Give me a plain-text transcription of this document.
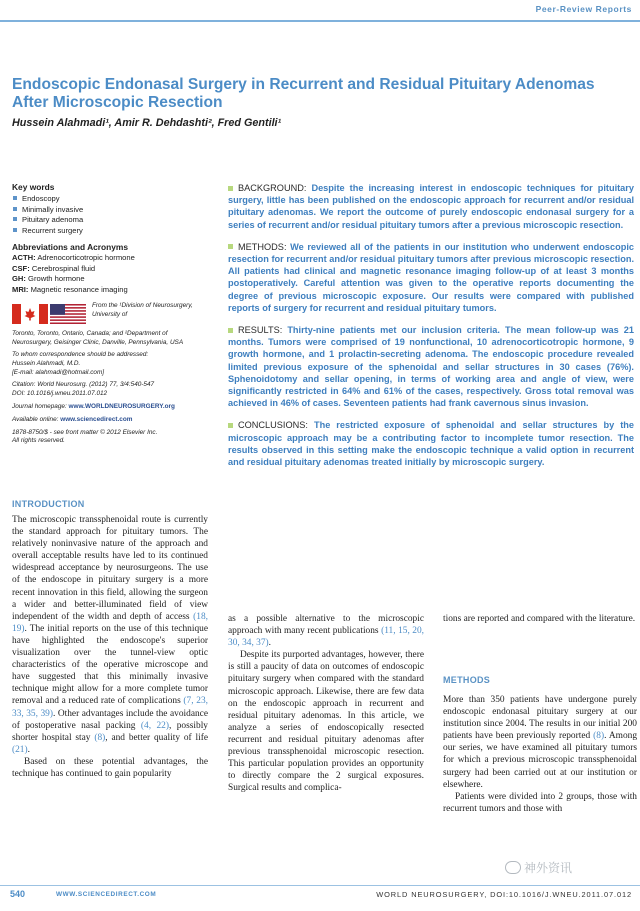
Peer-Review Reports
Endoscopic Endonasal Surgery in Recurrent and Residual Pituitary Adenomas After Microscopic Resection
Hussein Alahmadi¹, Amir R. Dehdashti², Fred Gentili¹
Key words
Endoscopy
Minimally invasive
Pituitary adenoma
Recurrent surgery
Abbreviations and Acronyms
ACTH: Adrenocorticotropic hormone
CSF: Cerebrospinal fluid
GH: Growth hormone
MRI: Magnetic resonance imaging
From the ¹Division of Neurosurgery, University of
Toronto, Toronto, Ontario, Canada; and ²Department of Neurosurgery, Geisinger Clinic, Danville, Pennsylvania, USA
To whom correspondence should be addressed:
Hussein Alahmadi, M.D.
[E-mail: alahmadi@hotmail.com]
Citation: World Neurosurg. (2012) 77, 3/4:540-547
DOI: 10.1016/j.wneu.2011.07.012
Journal homepage: www.WORLDNEUROSURGERY.org
Available online: www.sciencedirect.com
1878-8750/$ - see front matter © 2012 Elsevier Inc.
All rights reserved.

BACKGROUND: Despite the increasing interest in endoscopic techniques for pituitary surgery, little has been published on the endoscopic approach for recurrent and/or residual pituitary adenomas. We report the outcome of purely endoscopic endonasal surgery for a series of recurrent and/or residual pituitary tumors after a previous microscopic resection.

METHODS: We reviewed all of the patients in our institution who underwent endoscopic resection for recurrent and/or residual pituitary tumors after previous microscopic resection. All patients had clinical and magnetic resonance imaging follow-up of at least 3 months postoperatively. Careful attention was given to the operative reports documenting the degree of previous microscopic exposure. Our results were compared with published reports of surgery for recurrent and residual pituitary tumors.

RESULTS: Thirty-nine patients met our inclusion criteria. The mean follow-up was 21 months. Tumors were comprised of 19 nonfunctional, 10 adrenocorticotropic hormone, 9 growth hormone, and 1 prolactin-secreting adenoma. The endoscopic procedure revealed limited previous exposure of the sphenoidal and sellar structures in 30 cases (76%). Sphenoidotomy and sellar opening, in terms of working area and angle of view, were significantly restricted in 64% and 61% of the cases, respectively. Gross total removal was achieved in 46% of cases. Seventeen patients had frank cavernous sinus invasion.

CONCLUSIONS: The restricted exposure of sphenoidal and sellar structures by the microscopic approach may be a contributing factor to incomplete tumor resection. The results observed in this setting make the endoscopic technique a valid option in recurrent and residual pituitary adenomas treated initially by microscopic surgery.

INTRODUCTION

The microscopic transsphenoidal route is currently the standard approach for pituitary tumors. The relatively noninvasive nature of the approach and overall acceptable results have led to its continued widespread acceptance by neurosurgeons. The use of the endoscope in pituitary surgery is a more recent innovation in this field, allowing the surgeon a wider and better-illuminated field of view independent of the width and depth of access (18, 19). The initial reports on the use of this technique have highlighted the endoscope's superior visualization over the tunnel-view optic characteristics of the operative microscope and have suggested that this minimally invasive technique might allow for a more complete tumor removal and a reduced rate of complications (7, 23, 33, 35, 39). Other advantages include the avoidance of postoperative nasal packing (4, 22), possibly shorter hospital stay (8), and better quality of life (21).

Based on these potential advantages, the technique has continued to gain popularity

as a possible alternative to the microscopic approach with many recent publications (11, 15, 20, 30, 34, 37).

Despite its purported advantages, however, there is still a paucity of data on outcomes of endoscopic pituitary surgery when compared with the standard microscopic approach. Likewise, there are few data on the endoscopic approach in recurrent and residual pituitary adenomas. In this article, we analyze a series of endoscopically resected recurrent and residual pituitary adenomas after previous transsphenoidal microscopic resection. This particular population provides an opportunity to directly compare the 2 surgical exposures. Surgical results and complica-

tions are reported and compared with the literature.

METHODS

More than 350 patients have undergone purely endoscopic endonasal pituitary surgery at our institution since 2004. The results in our initial 200 patients have been previously reported (8). Among our series, we have examined all pituitary tumors for which a previous microscopic transsphenoidal surgery had been carried out at our institution or elsewhere.

Patients were divided into 2 groups, those with recurrent tumors and those with

神外资讯
540	WWW.SCIENCEDIRECT.COM	WORLD NEUROSURGERY, DOI:10.1016/J.WNEU.2011.07.012
